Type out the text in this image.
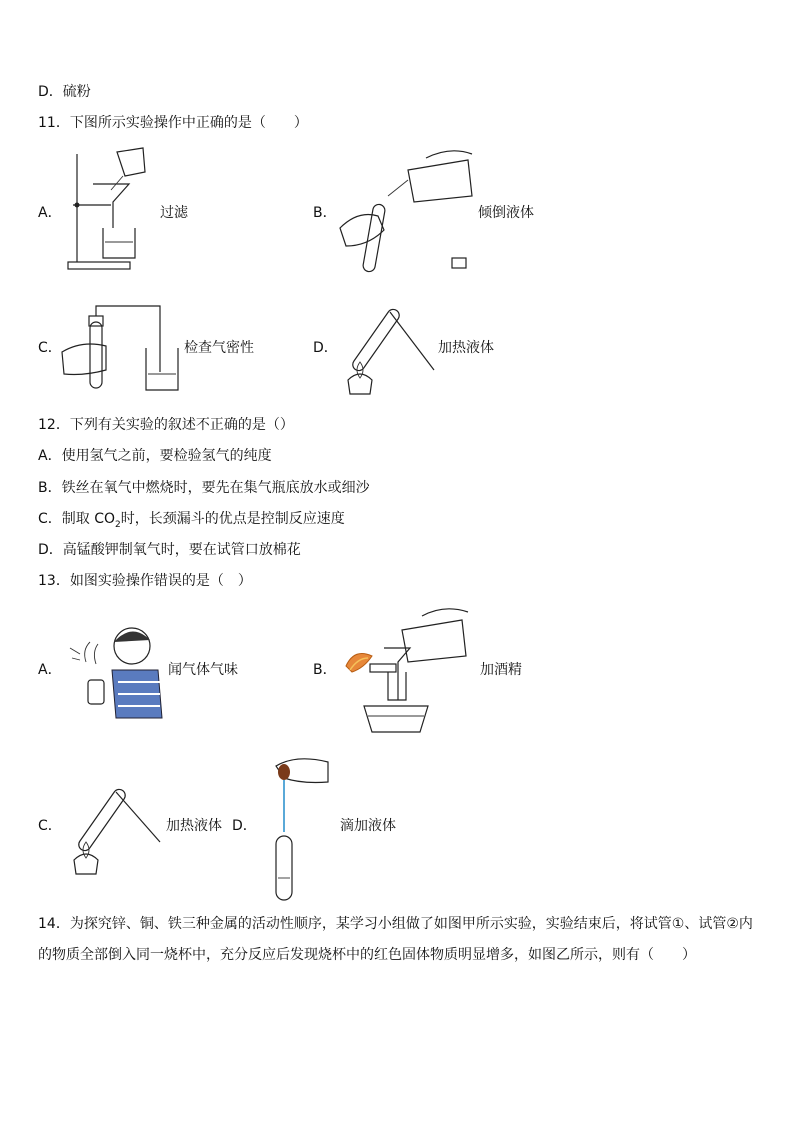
D．硫粉
11．下图所示实验操作中正确的是（　　）
A．	过滤	B．	倾倒液体
C．	检查气密性	D．	加热液体
12．下列有关实验的叙述不正确的是（）
A．使用氢气之前，要检验氢气的纯度
B．铁丝在氧气中燃烧时，要先在集气瓶底放水或细沙
C．制取 $CO_2$时，长颈漏斗的优点是控制反应速度
D．高锰酸钾制氧气时，要在试管口放棉花
13．如图实验操作错误的是（　）
A．	闻气体气味	B．	加酒精
C．	加热液体 D．	滴加液体
14．为探究锌、铜、铁三种金属的活动性顺序，某学习小组做了如图甲所示实验，实验结束后，将试管①、试管②内
的物质全部倒入同一烧杯中，充分反应后发现烧杯中的红色固体物质明显增多，如图乙所示，则有（　　）
